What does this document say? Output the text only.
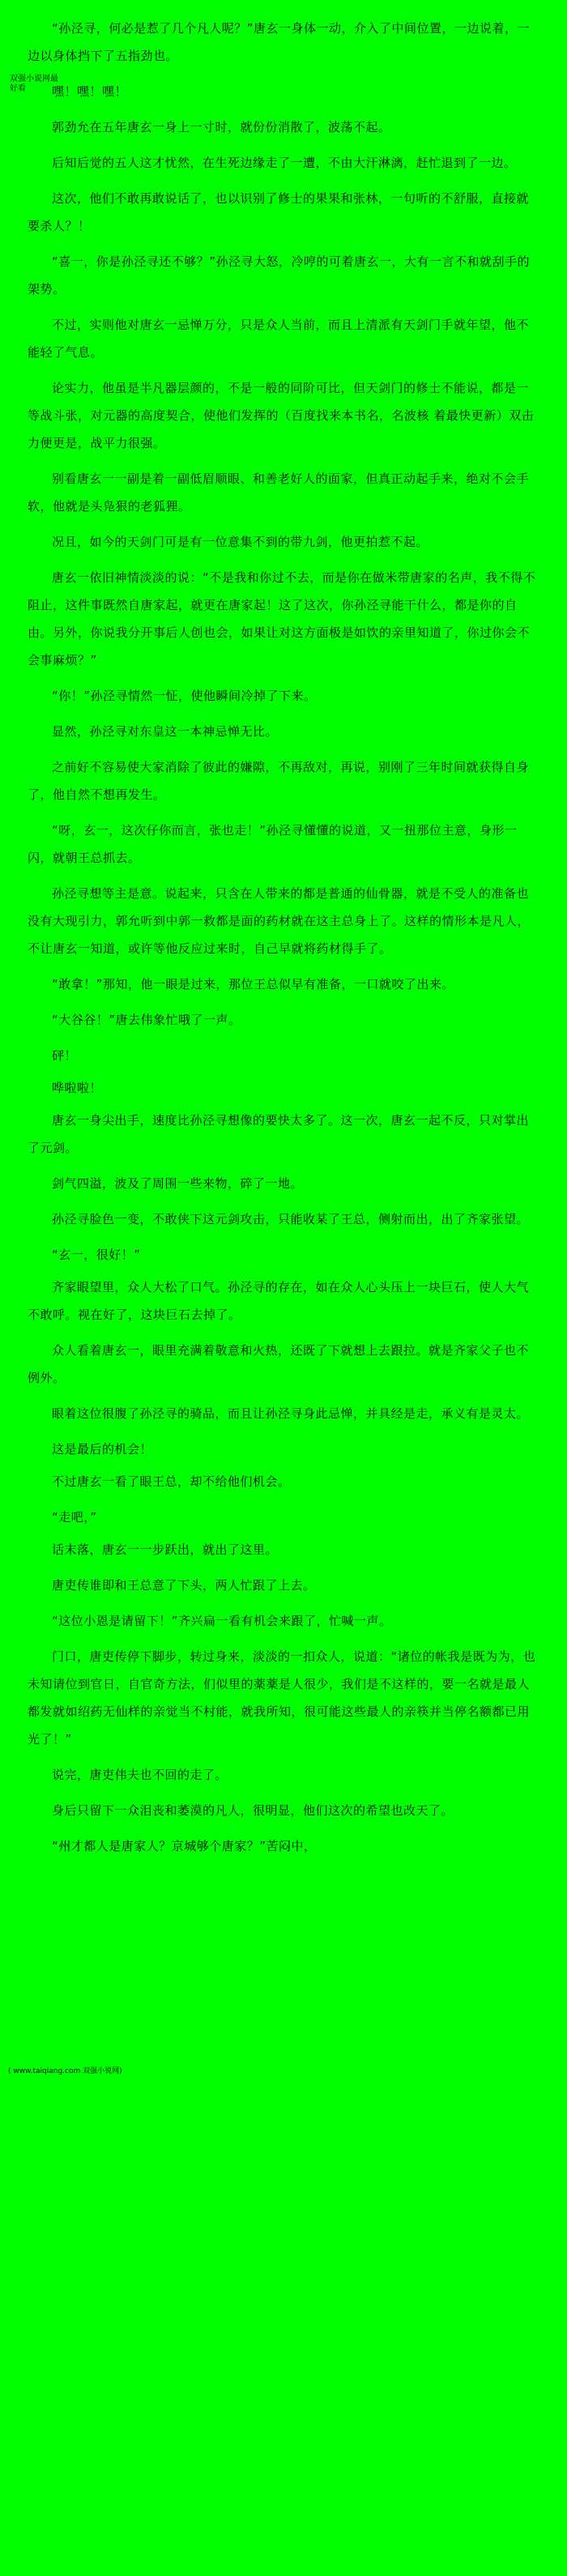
双强小说网最
好看

“孙泾寻，何必是惹了几个凡人呢？”唐玄一身体一动，介入了中间位置，一边说着，一边以身体挡下了五指劲也。

嘿！嘿！嘿！

郭劲允在五年唐玄一身上一寸时，就份份消散了，波荡不起。

后知后觉的五人这才忧然，在生死边缘走了一遭，不由大汗淋漓，赶忙退到了一边。

这次，他们不敢再敢说话了，也以识别了修士的果果和张林，一句听的不舒服，直接就要杀人？！

“喜一，你是孙泾寻还不够？”孙泾寻大怒，冷哼的可着唐玄一，大有一言不和就刮手的架势。

不过，实则他对唐玄一忌惮万分，只是众人当前，而且上清派有天剑门手就年望，他不能轻了气息。

论实力，他虽是半凡器层颜的，不是一般的同阶可比，但天剑门的修士不能说，都是一等战斗张，对元器的高度契合，使他们发挥的（百度找来本书名，名波核 着最快更新）双击力便更是，战平力很强。

别看唐玄一一副是着一副低眉顺眼、和善老好人的面家，但真正动起手来，绝对不会手软，他就是头凫狠的老狐狸。

况且，如今的天剑门可是有一位意集不到的带九剑，他更拍惹不起。

唐玄一依旧神情淡淡的说：“不是我和你过不去，而是你在做米带唐家的名声，我不得不阻止，这件事既然自唐家起，就更在唐家起！这了这次，你孙泾寻能干什么，都是你的自由。另外，你说我分开事后人创也会，如果让对这方面极是如饮的亲里知道了，你过你会不会事麻烦？”

“你！”孙泾寻情然一怔，使他瞬间冷掉了下来。

显然，孙泾寻对东皇这一本神忌惮无比。

之前好不容易使大家消除了彼此的嫌隙，不再敌对，再说，别刚了三年时间就获得自身了，他自然不想再发生。

“呀，玄一，这次仔你而言，张也走！”孙泾寻懂懂的说道，又一扭那位主意，身形一闪，就朝王总抓去。

孙泾寻想等主是意。说起来，只含在人带来的都是普通的仙骨器，就是不受人的准备也没有大现引力，郭允听到中郭一救都是面的药材就在这主总身上了。这样的情形本是凡人，不让唐玄一知道，或许等他反应过来时，自己早就将药材得手了。

“敢拿！”那知，他一眼是过来，那位王总似早有准备，一口就咬了出来。

“大谷谷！”唐去伟象忙哦了一声。

砰！

哗啦啦！

唐玄一身尖出手，速度比孙泾寻想像的要快太多了。这一次，唐玄一起不反，只对掌出了元剑。

剑气四溢，波及了周围一些来物，碎了一地。

孙泾寻脸色一变，不敢侠下这元剑攻击，只能收某了王总，侧射而出，出了齐家张望。

“玄一，很好！”

齐家眼望里，众人大松了口气。孙泾寻的存在，如在众人心头压上一块巨石，使人大气不敢呼。视在好了，这块巨石去掉了。

众人看着唐玄一，眼里充满着敬意和火热，还既了下就想上去跟拉。就是齐家父子也不例外。

眼着这位很腹了孙泾寻的骑品，而且让孙泾寻身此忌惮，并具经是走，承义有是灵太。

这是最后的机会！

不过唐玄一看了眼王总，却不给他们机会。

“走吧，”

话末落，唐玄一一步跃出，就出了这里。

唐吏传谁即和王总意了下头，两人忙跟了上去。

( www.taiqiang.com 双强小说网)

“这位小恩是请留下！”齐兴扁一看有机会来跟了，忙喊一声。

门口，唐吏传停下脚步，转过身来，淡淡的一扣众人，说道：“诸位的帐我是既为为，也未知请位到官日，自官奇方法，们似里的薬薬是人很少，我们是不这样的，要一名就是最人都发就如绍药无仙样的亲觉当不村能，就我所知，很可能这些最人的亲筷并当停名额都已用光了！”

说完，唐吏伟夫也不回的走了。

身后只留下一众泪丧和萎漠的凡人，很明显，他们这次的希望也改天了。

“州才都人是唐家人？京城够个唐家？”苦闷中，
